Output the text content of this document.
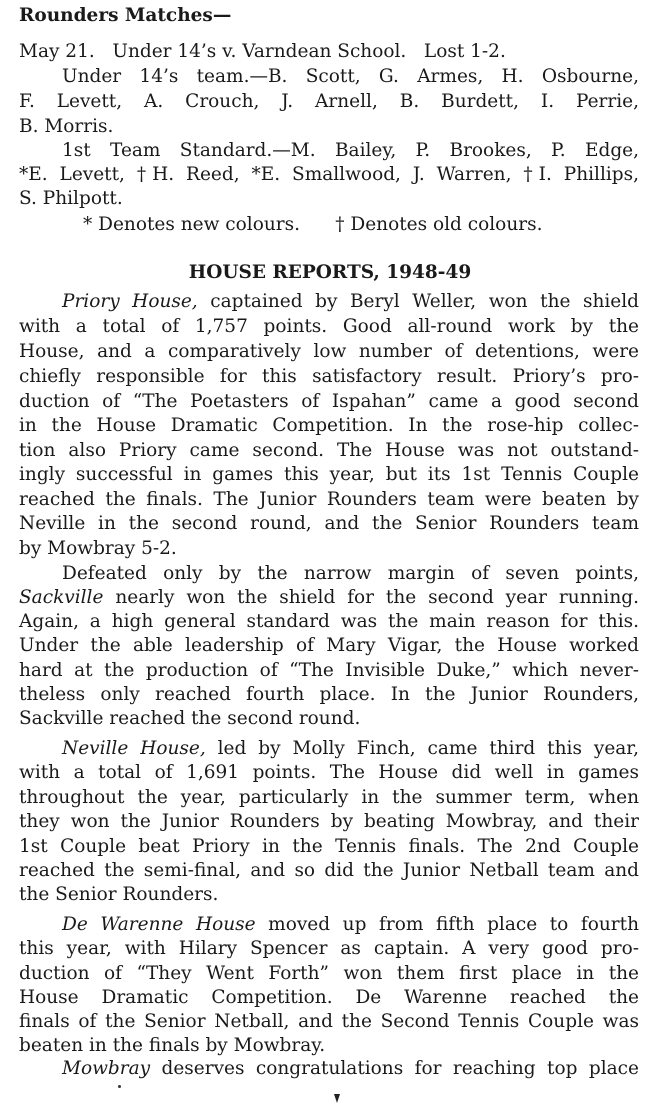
Rounders Matches—
May 21.   Under 14’s v. Varndean School.   Lost 1-2.
Under 14’s team.—B. Scott, G. Armes, H. Osbourne,
F. Levett, A. Crouch, J. Arnell, B. Burdett, I. Perrie,
B. Morris.
1st Team Standard.—M. Bailey, P. Brookes, P. Edge,
*E. Levett, †H. Reed, *E. Smallwood, J. Warren, †I. Phillips,
S. Philpott.
* Denotes new colours.      † Denotes old colours.
HOUSE REPORTS, 1948-49
Priory House, captained by Beryl Weller, won the shield
with a total of 1,757 points. Good all-round work by the
House, and a comparatively low number of detentions, were
chiefly responsible for this satisfactory result. Priory’s pro-
duction of “The Poetasters of Ispahan” came a good second
in the House Dramatic Competition. In the rose-hip collec-
tion also Priory came second. The House was not outstand-
ingly successful in games this year, but its 1st Tennis Couple
reached the finals. The Junior Rounders team were beaten by
Neville in the second round, and the Senior Rounders team
by Mowbray 5-2.
Defeated only by the narrow margin of seven points,
Sackville nearly won the shield for the second year running.
Again, a high general standard was the main reason for this.
Under the able leadership of Mary Vigar, the House worked
hard at the production of “The Invisible Duke,” which never-
theless only reached fourth place. In the Junior Rounders,
Sackville reached the second round.
Neville House, led by Molly Finch, came third this year,
with a total of 1,691 points. The House did well in games
throughout the year, particularly in the summer term, when
they won the Junior Rounders by beating Mowbray, and their
1st Couple beat Priory in the Tennis finals. The 2nd Couple
reached the semi-final, and so did the Junior Netball team and
the Senior Rounders.
De Warenne House moved up from fifth place to fourth
this year, with Hilary Spencer as captain. A very good pro-
duction of “They Went Forth” won them first place in the
House Dramatic Competition. De Warenne reached the
finals of the Senior Netball, and the Second Tennis Couple was
beaten in the finals by Mowbray.
Mowbray deserves congratulations for reaching top place
